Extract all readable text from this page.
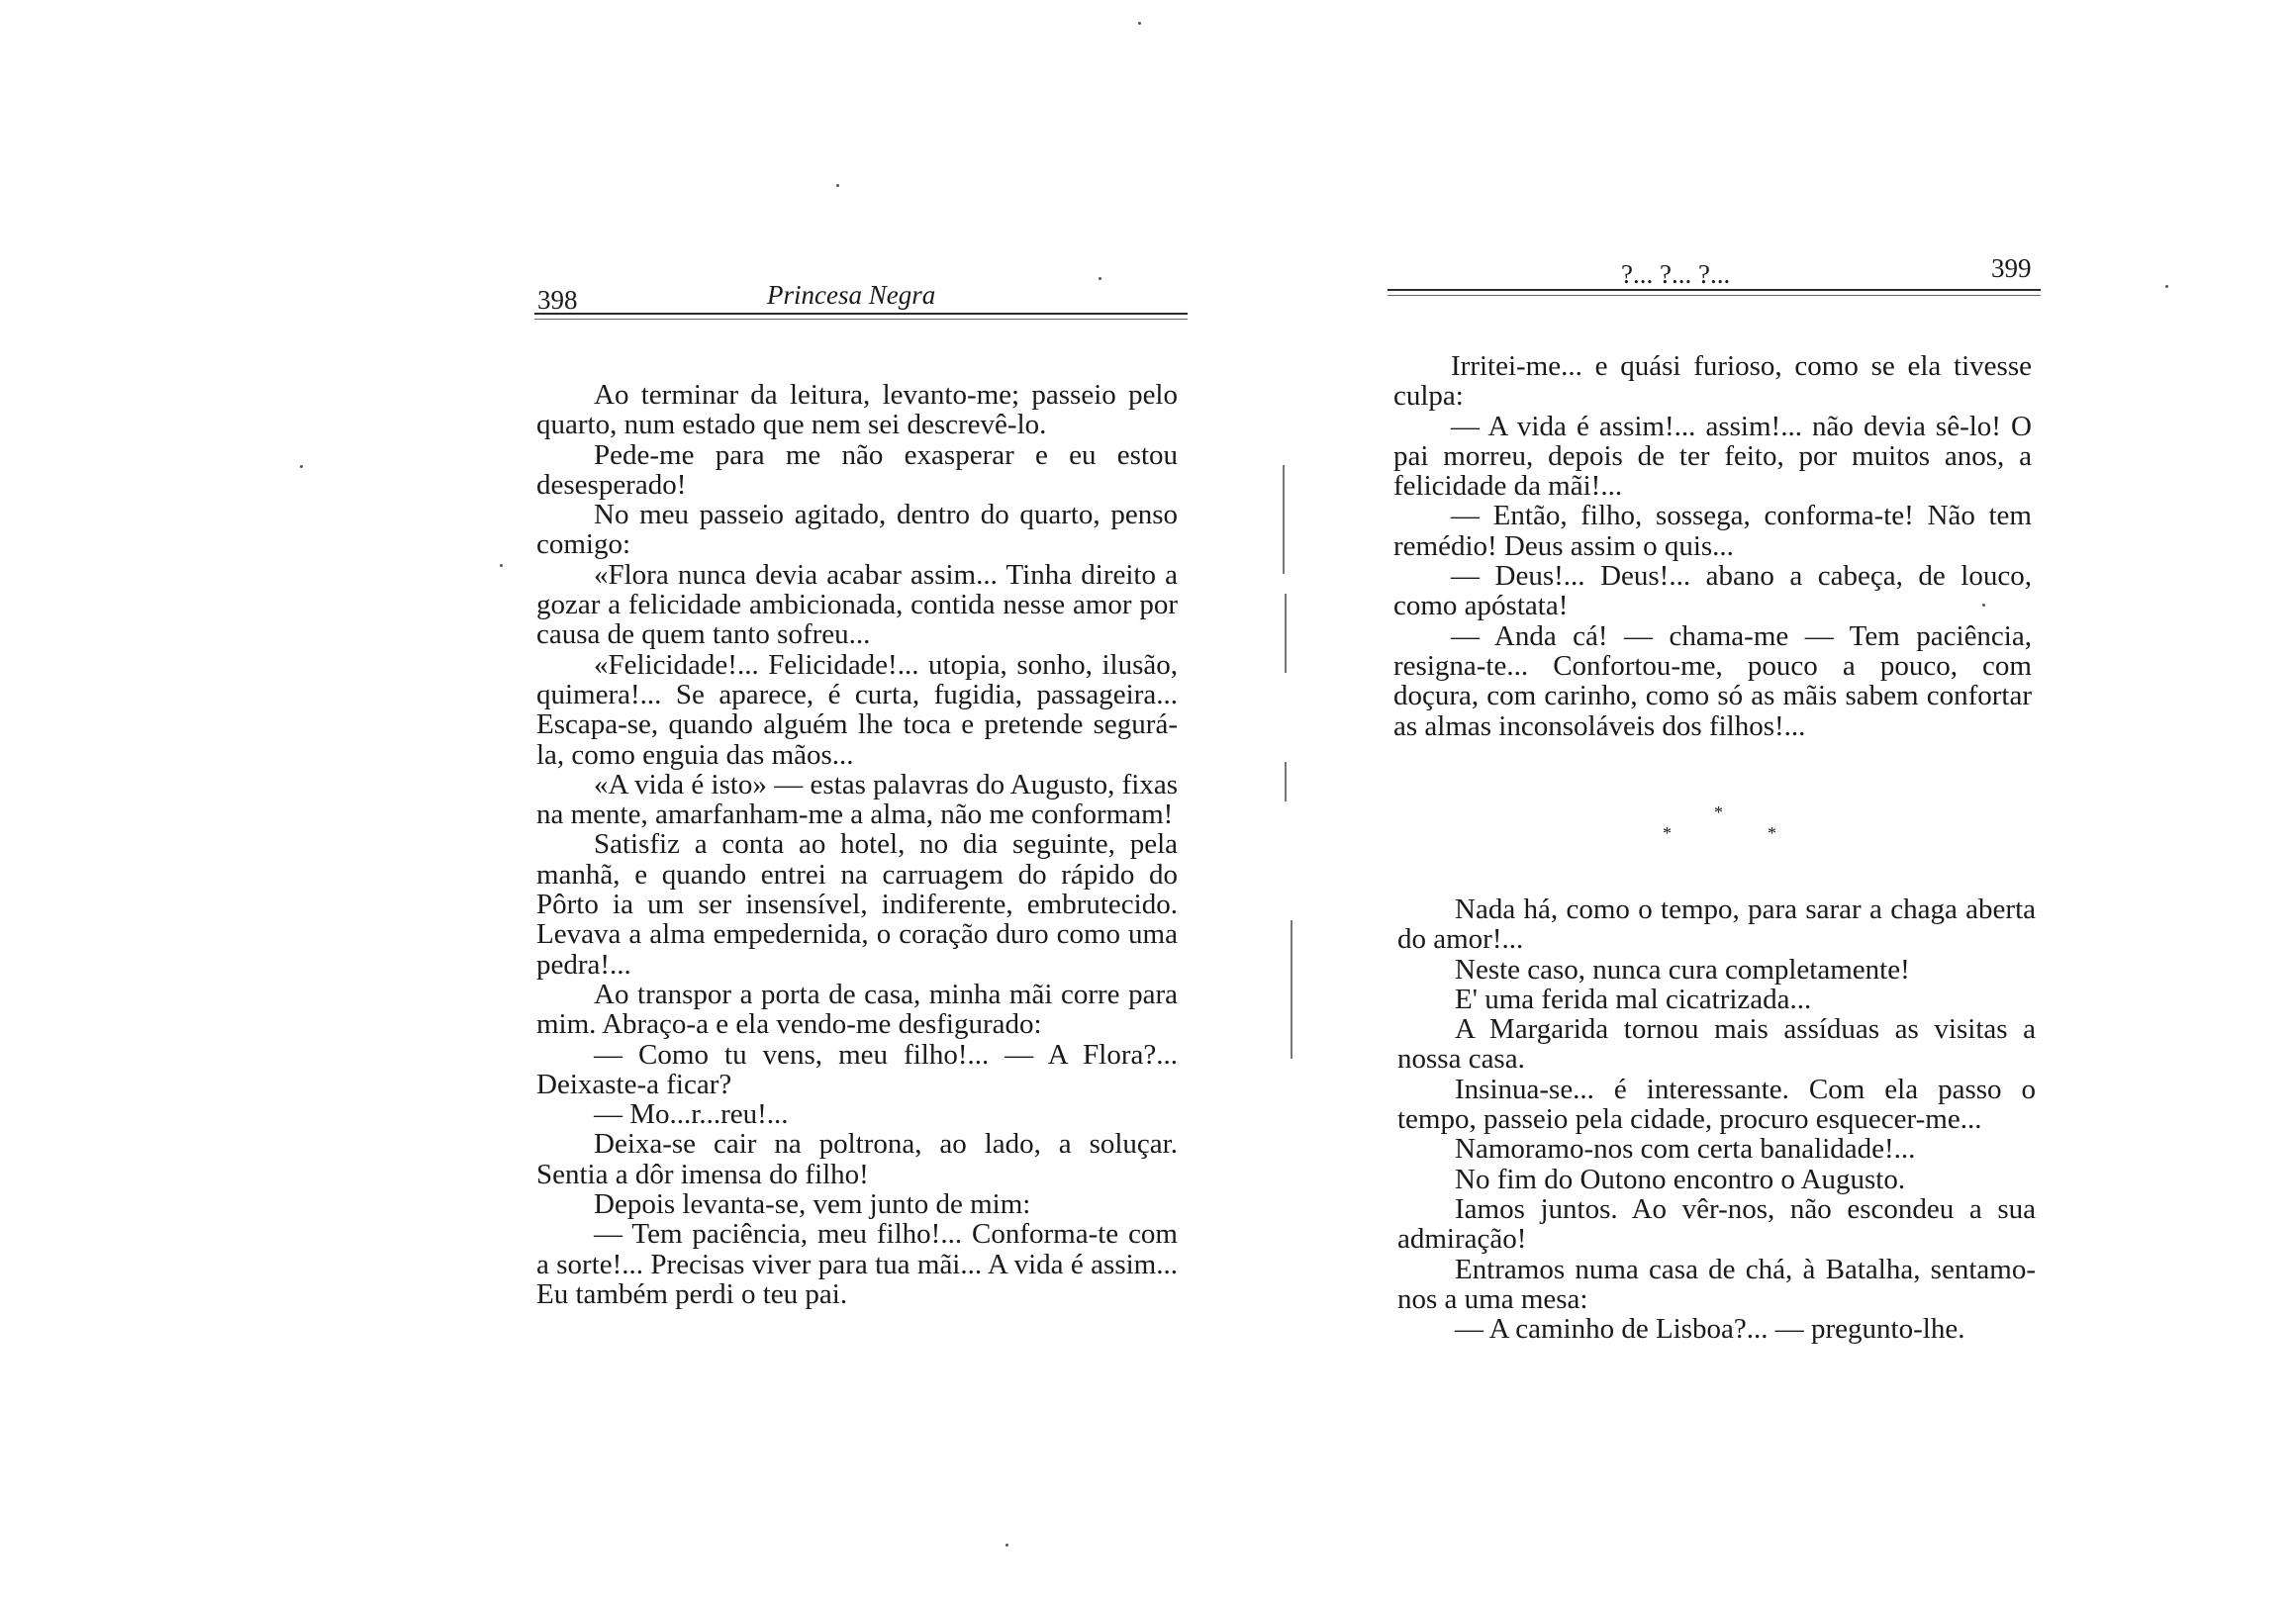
398	Princesa Negra

Ao terminar da leitura, levanto-me; passeio pelo quarto, num estado que nem sei descrevê-lo.

Pede-me para me não exasperar e eu estou desesperado!

No meu passeio agitado, dentro do quarto, penso comigo:

«Flora nunca devia acabar assim... Tinha direito a gozar a felicidade ambicionada, contida nesse amor por causa de quem tanto sofreu...

«Felicidade!... Felicidade!... utopia, sonho, ilusão, quimera!... Se aparece, é curta, fugidia, passageira... Escapa-se, quando alguém lhe toca e pretende segurá-la, como enguia das mãos...

«A vida é isto» — estas palavras do Augusto, fixas na mente, amarfanham-me a alma, não me conformam!

Satisfiz a conta ao hotel, no dia seguinte, pela manhã, e quando entrei na carruagem do rápido do Pôrto ia um ser insensível, indiferente, embrutecido. Levava a alma empedernida, o coração duro como uma pedra!...

Ao transpor a porta de casa, minha mãi corre para mim. Abraço-a e ela vendo-me desfigurado:

— Como tu vens, meu filho!... — A Flora?... Deixaste-a ficar?

— Mo...r...reu!...

Deixa-se cair na poltrona, ao lado, a soluçar. Sentia a dôr imensa do filho!

Depois levanta-se, vem junto de mim:

— Tem paciência, meu filho!... Conforma-te com a sorte!... Precisas viver para tua mãi... A vida é assim... Eu também perdi o teu pai.

?... ?... ?...	399

Irritei-me... e quási furioso, como se ela tivesse culpa:

— A vida é assim!... assim!... não devia sê-lo! O pai morreu, depois de ter feito, por muitos anos, a felicidade da mãi!...

— Então, filho, sossega, conforma-te! Não tem remédio! Deus assim o quis...

— Deus!... Deus!... abano a cabeça, de louco, como apóstata!

— Anda cá! — chama-me — Tem paciência, resigna-te... Confortou-me, pouco a pouco, com doçura, com carinho, como só as mãis sabem confortar as almas inconsoláveis dos filhos!...

*
*	*

Nada há, como o tempo, para sarar a chaga aberta do amor!...

Neste caso, nunca cura completamente!

E' uma ferida mal cicatrizada...

A Margarida tornou mais assíduas as visitas a nossa casa.

Insinua-se... é interessante. Com ela passo o tempo, passeio pela cidade, procuro esquecer-me...

Namoramo-nos com certa banalidade!...

No fim do Outono encontro o Augusto.

Iamos juntos. Ao vêr-nos, não escondeu a sua admiração!

Entramos numa casa de chá, à Batalha, sentamo-nos a uma mesa:

— A caminho de Lisboa?... — pregunto-lhe.
